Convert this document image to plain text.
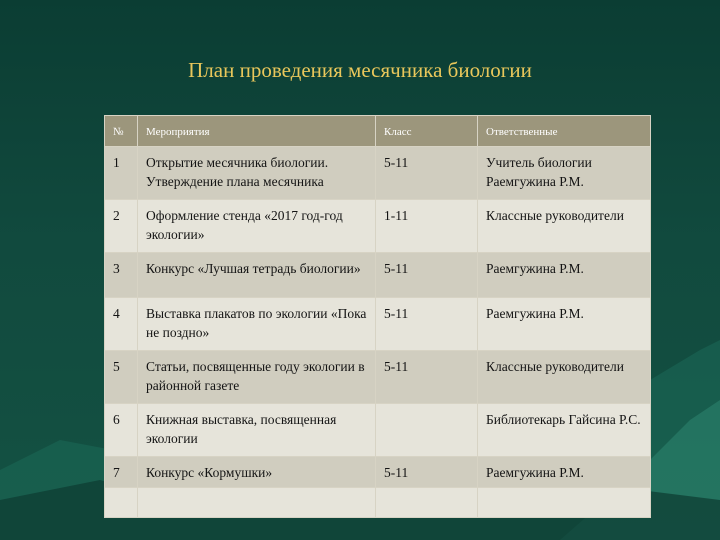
План проведения месячника биологии
№	Мероприятия	Класс	Ответственные
1	Открытие месячника биологии. Утверждение плана месячника	5-11	Учитель биологии Раемгужина Р.М.
2	Оформление стенда «2017 год-год экологии»	1-11	Классные руководители
3	Конкурс «Лучшая тетрадь биологии»	5-11	Раемгужина Р.М.
4	Выставка плакатов по экологии «Пока не поздно»	5-11	Раемгужина Р.М.
5	Статьи, посвященные году экологии в районной газете	5-11	Классные руководители
6	Книжная выставка, посвященная экологии		Библиотекарь Гайсина Р.С.
7	Конкурс «Кормушки»	5-11	Раемгужина Р.М.
